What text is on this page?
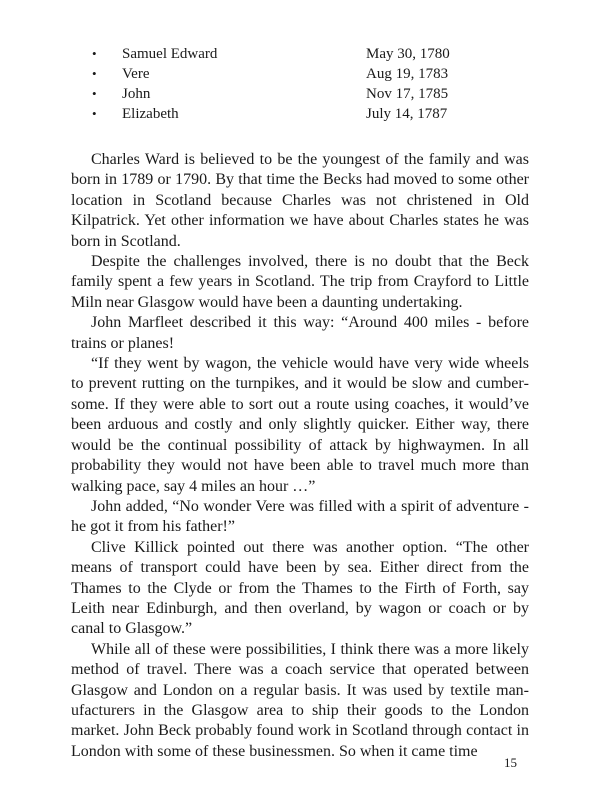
•	Samuel Edward	May 30, 1780
•	Vere	Aug 19, 1783
•	John	Nov 17, 1785
•	Elizabeth	July 14, 1787

Charles Ward is believed to be the youngest of the family and was born in 1789 or 1790. By that time the Becks had moved to some other location in Scotland because Charles was not christened in Old Kilpatrick. Yet other information we have about Charles states he was born in Scotland.

Despite the challenges involved, there is no doubt that the Beck family spent a few years in Scotland. The trip from Crayford to Little Miln near Glasgow would have been a daunting undertaking.

John Marfleet described it this way: “Around 400 miles - before trains or planes!

“If they went by wagon, the vehicle would have very wide wheels to prevent rutting on the turnpikes, and it would be slow and cumbersome. If they were able to sort out a route using coaches, it would’ve been arduous and costly and only slightly quicker. Either way, there would be the continual possibility of attack by highwaymen. In all probability they would not have been able to travel much more than walking pace, say 4 miles an hour …”

John added, “No wonder Vere was filled with a spirit of adventure - he got it from his father!”

Clive Killick pointed out there was another option. “The other means of transport could have been by sea. Either direct from the Thames to the Clyde or from the Thames to the Firth of Forth, say Leith near Edinburgh, and then overland, by wagon or coach or by canal to Glasgow.”

While all of these were possibilities, I think there was a more likely method of travel. There was a coach service that operated between Glasgow and London on a regular basis. It was used by textile manufacturers in the Glasgow area to ship their goods to the London market. John Beck probably found work in Scotland through contact in London with some of these businessmen. So when it came time

15
